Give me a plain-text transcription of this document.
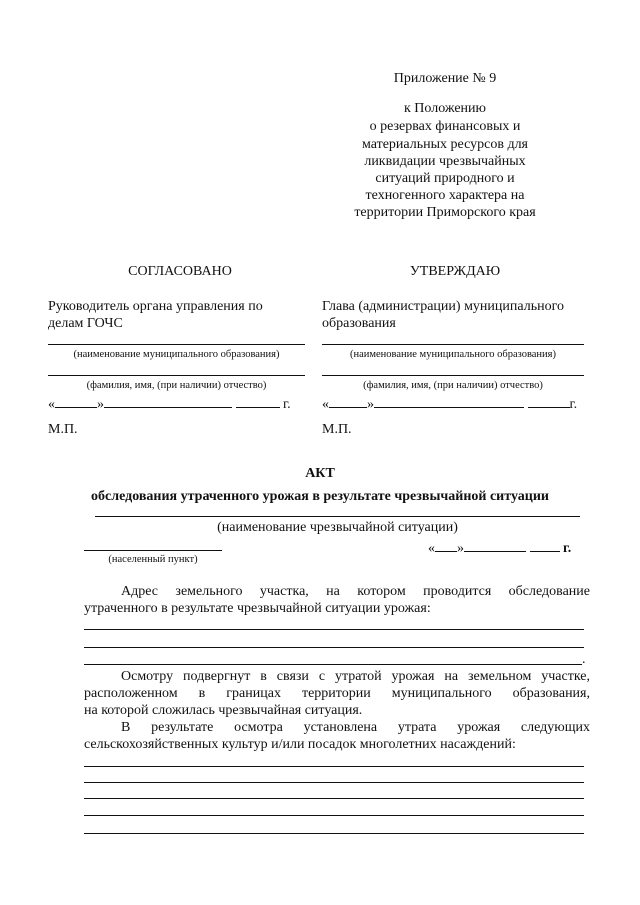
Приложение № 9
к Положению
о резервах финансовых и
материальных ресурсов для
ликвидации чрезвычайных
ситуаций природного и
техногенного характера на
территории Приморского края
СОГЛАСОВАНО
Руководитель органа управления по
делам ГОЧС
(наименование муниципального образования)
(фамилия, имя, (при наличии) отчество)
«	»	г.
М.П.
УТВЕРЖДАЮ
Глава (администрации) муниципального
образования
(наименование муниципального образования)
(фамилия, имя, (при наличии) отчество)
«	»	г.
М.П.
АКТ
обследования утраченного урожая в результате чрезвычайной ситуации
(наименование чрезвычайной ситуации)
(населенный пункт)
« »	г.
Адрес земельного участка, на котором проводится обследование
утраченного в результате чрезвычайной ситуации урожая:
.
Осмотру подвергнут в связи с утратой урожая на земельном участке,
расположенном в границах территории муниципального образования,
на которой сложилась чрезвычайная ситуация.
В результате осмотра установлена утрата урожая следующих
сельскохозяйственных культур и/или посадок многолетних насаждений:
